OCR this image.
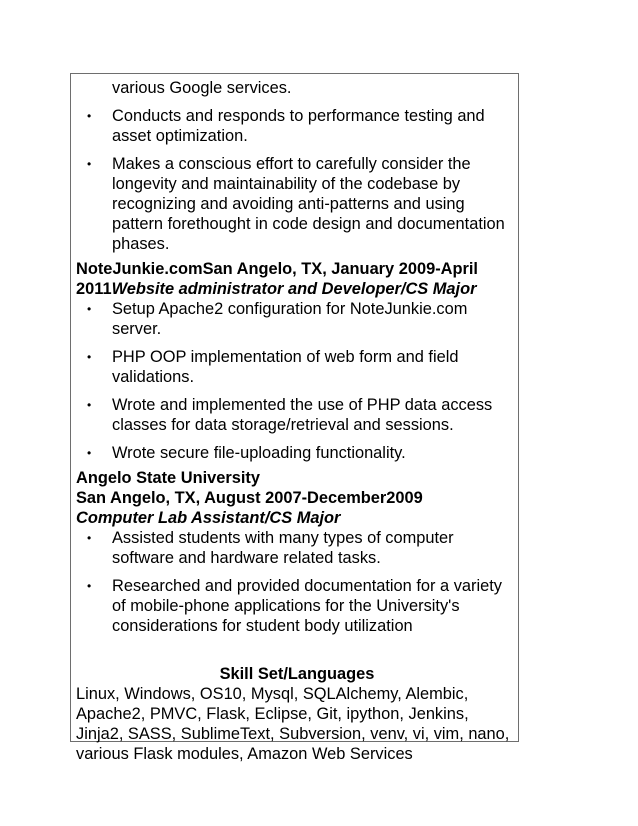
various Google services.
• Conducts and responds to performance testing and asset optimization.
• Makes a conscious effort to carefully consider the longevity and maintainability of the codebase by recognizing and avoiding anti-patterns and using pattern forethought in code design and documentation phases.
NoteJunkie.comSan Angelo, TX, January 2009-April
2011Website administrator and Developer/CS Major
• Setup Apache2 configuration for NoteJunkie.com server.
• PHP OOP implementation of web form and field validations.
• Wrote and implemented the use of PHP data access classes for data storage/retrieval and sessions.
• Wrote secure file-uploading functionality.
Angelo State University
San Angelo, TX, August 2007-December2009
Computer Lab Assistant/CS Major
• Assisted students with many types of computer software and hardware related tasks.
• Researched and provided documentation for a variety of mobile-phone applications for the University's considerations for student body utilization
Skill Set/Languages
Linux, Windows, OS10, Mysql, SQLAlchemy, Alembic, Apache2, PMVC, Flask, Eclipse, Git, ipython, Jenkins, Jinja2, SASS, SublimeText, Subversion, venv, vi, vim, nano, various Flask modules, Amazon Web Services
